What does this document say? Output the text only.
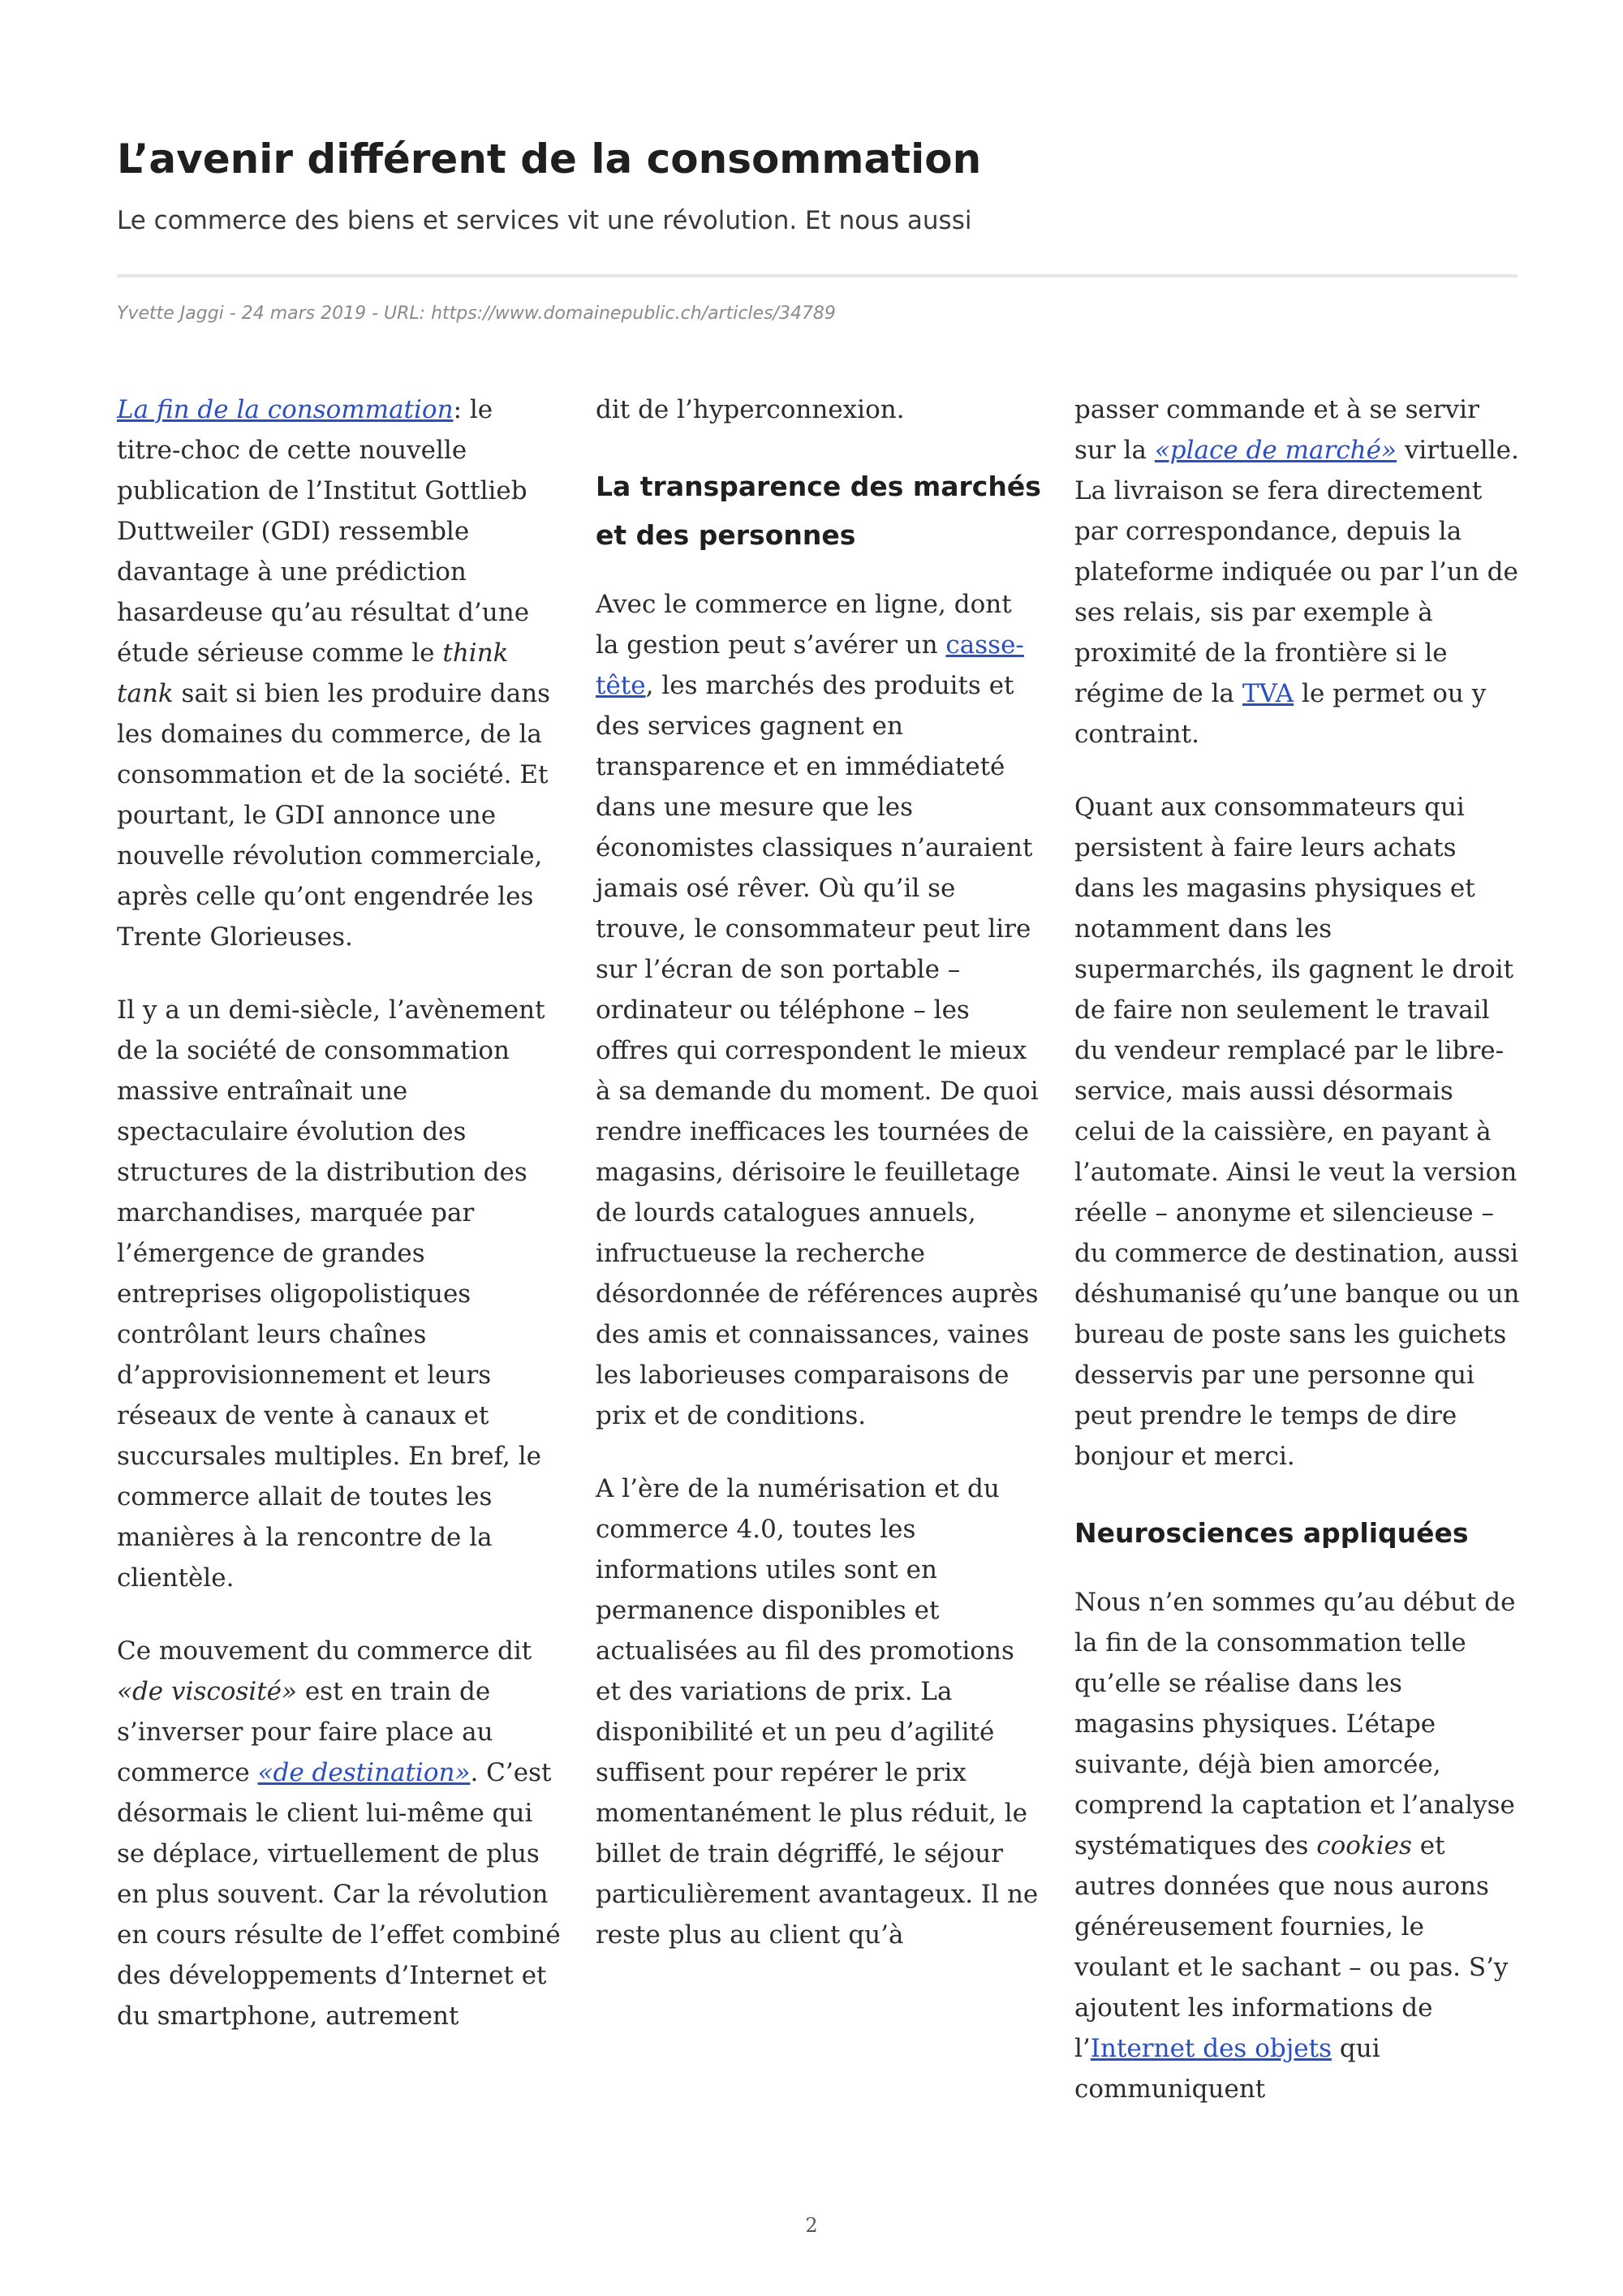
L’avenir différent de la consommation

Le commerce des biens et services vit une révolution. Et nous aussi

Yvette Jaggi - 24 mars 2019 - URL: https://www.domainepublic.ch/articles/34789

La fin de la consommation: le titre-choc de cette nouvelle publication de l’Institut Gottlieb Duttweiler (GDI) ressemble davantage à une prédiction hasardeuse qu’au résultat d’une étude sérieuse comme le think tank sait si bien les produire dans les domaines du commerce, de la consommation et de la société. Et pourtant, le GDI annonce une nouvelle révolution commerciale, après celle qu’ont engendrée les Trente Glorieuses.

Il y a un demi-siècle, l’avènement de la société de consommation massive entraînait une spectaculaire évolution des structures de la distribution des marchandises, marquée par l’émergence de grandes entreprises oligopolistiques contrôlant leurs chaînes d’approvisionnement et leurs réseaux de vente à canaux et succursales multiples. En bref, le commerce allait de toutes les manières à la rencontre de la clientèle.

Ce mouvement du commerce dit «de viscosité» est en train de s’inverser pour faire place au commerce «de destination». C’est désormais le client lui-même qui se déplace, virtuellement de plus en plus souvent. Car la révolution en cours résulte de l’effet combiné des développements d’Internet et du smartphone, autrement

dit de l’hyperconnexion.

La transparence des marchés et des personnes

Avec le commerce en ligne, dont la gestion peut s’avérer un casse-tête, les marchés des produits et des services gagnent en transparence et en immédiateté dans une mesure que les économistes classiques n’auraient jamais osé rêver. Où qu’il se trouve, le consommateur peut lire sur l’écran de son portable – ordinateur ou téléphone – les offres qui correspondent le mieux à sa demande du moment. De quoi rendre inefficaces les tournées de magasins, dérisoire le feuilletage de lourds catalogues annuels, infructueuse la recherche désordonnée de références auprès des amis et connaissances, vaines les laborieuses comparaisons de prix et de conditions.

A l’ère de la numérisation et du commerce 4.0, toutes les informations utiles sont en permanence disponibles et actualisées au fil des promotions et des variations de prix. La disponibilité et un peu d’agilité suffisent pour repérer le prix momentanément le plus réduit, le billet de train dégriffé, le séjour particulièrement avantageux. Il ne reste plus au client qu’à

passer commande et à se servir sur la «place de marché» virtuelle. La livraison se fera directement par correspondance, depuis la plateforme indiquée ou par l’un de ses relais, sis par exemple à proximité de la frontière si le régime de la TVA le permet ou y contraint.

Quant aux consommateurs qui persistent à faire leurs achats dans les magasins physiques et notamment dans les supermarchés, ils gagnent le droit de faire non seulement le travail du vendeur remplacé par le libre-service, mais aussi désormais celui de la caissière, en payant à l’automate. Ainsi le veut la version réelle – anonyme et silencieuse – du commerce de destination, aussi déshumanisé qu’une banque ou un bureau de poste sans les guichets desservis par une personne qui peut prendre le temps de dire bonjour et merci.

Neurosciences appliquées

Nous n’en sommes qu’au début de la fin de la consommation telle qu’elle se réalise dans les magasins physiques. L’étape suivante, déjà bien amorcée, comprend la captation et l’analyse systématiques des cookies et autres données que nous aurons généreusement fournies, le voulant et le sachant – ou pas. S’y ajoutent les informations de l’Internet des objets qui communiquent

2
